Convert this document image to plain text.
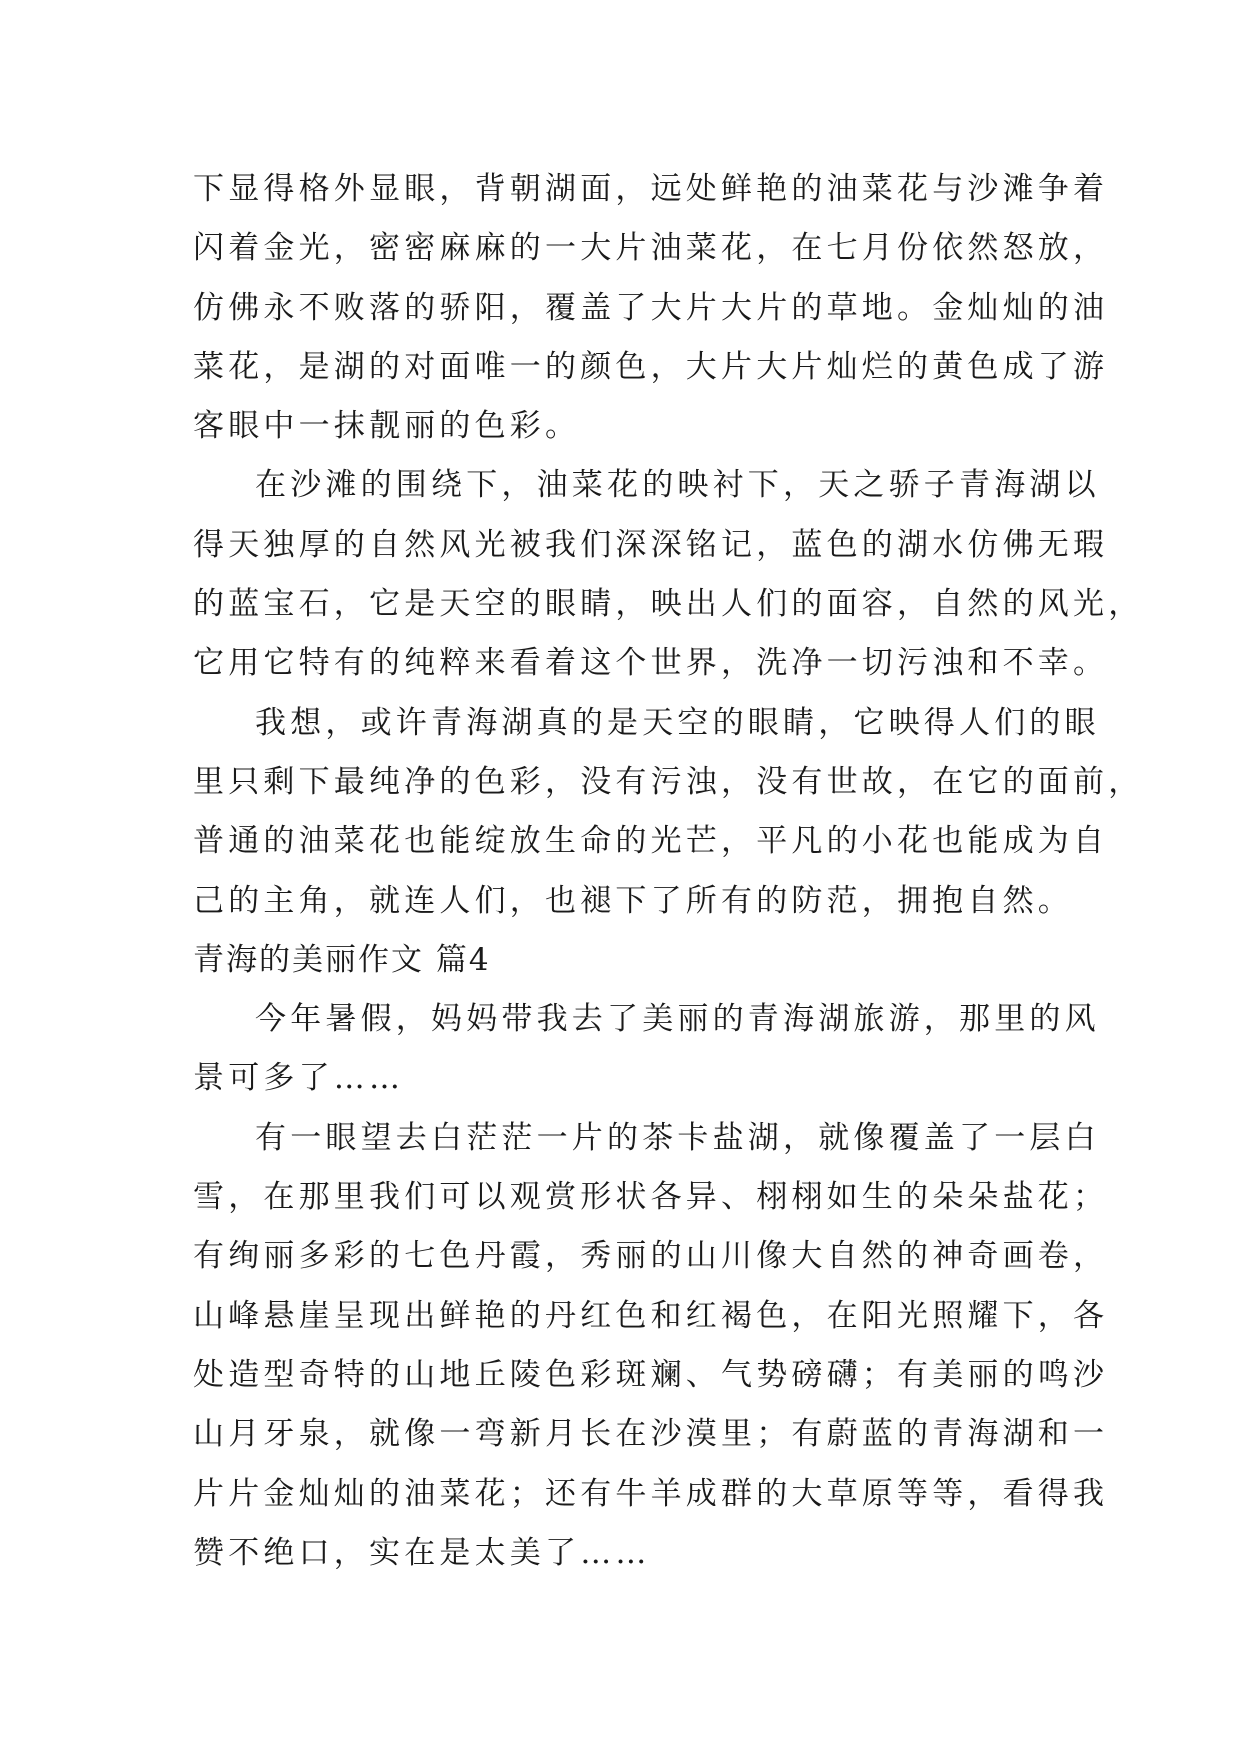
下显得格外显眼，背朝湖面，远处鲜艳的油菜花与沙滩争着
闪着金光，密密麻麻的一大片油菜花，在七月份依然怒放，
仿佛永不败落的骄阳，覆盖了大片大片的草地。金灿灿的油
菜花，是湖的对面唯一的颜色，大片大片灿烂的黄色成了游
客眼中一抹靓丽的色彩。
在沙滩的围绕下，油菜花的映衬下，天之骄子青海湖以
得天独厚的自然风光被我们深深铭记，蓝色的湖水仿佛无瑕
的蓝宝石，它是天空的眼睛，映出人们的面容，自然的风光，
它用它特有的纯粹来看着这个世界，洗净一切污浊和不幸。
我想，或许青海湖真的是天空的眼睛，它映得人们的眼
里只剩下最纯净的色彩，没有污浊，没有世故，在它的面前，
普通的油菜花也能绽放生命的光芒，平凡的小花也能成为自
己的主角，就连人们，也褪下了所有的防范，拥抱自然。
青海的美丽作文 篇4
今年暑假，妈妈带我去了美丽的青海湖旅游，那里的风
景可多了……
有一眼望去白茫茫一片的茶卡盐湖，就像覆盖了一层白
雪，在那里我们可以观赏形状各异、栩栩如生的朵朵盐花；
有绚丽多彩的七色丹霞，秀丽的山川像大自然的神奇画卷，
山峰悬崖呈现出鲜艳的丹红色和红褐色，在阳光照耀下，各
处造型奇特的山地丘陵色彩斑斓、气势磅礴；有美丽的鸣沙
山月牙泉，就像一弯新月长在沙漠里；有蔚蓝的青海湖和一
片片金灿灿的油菜花；还有牛羊成群的大草原等等，看得我
赞不绝口，实在是太美了……
